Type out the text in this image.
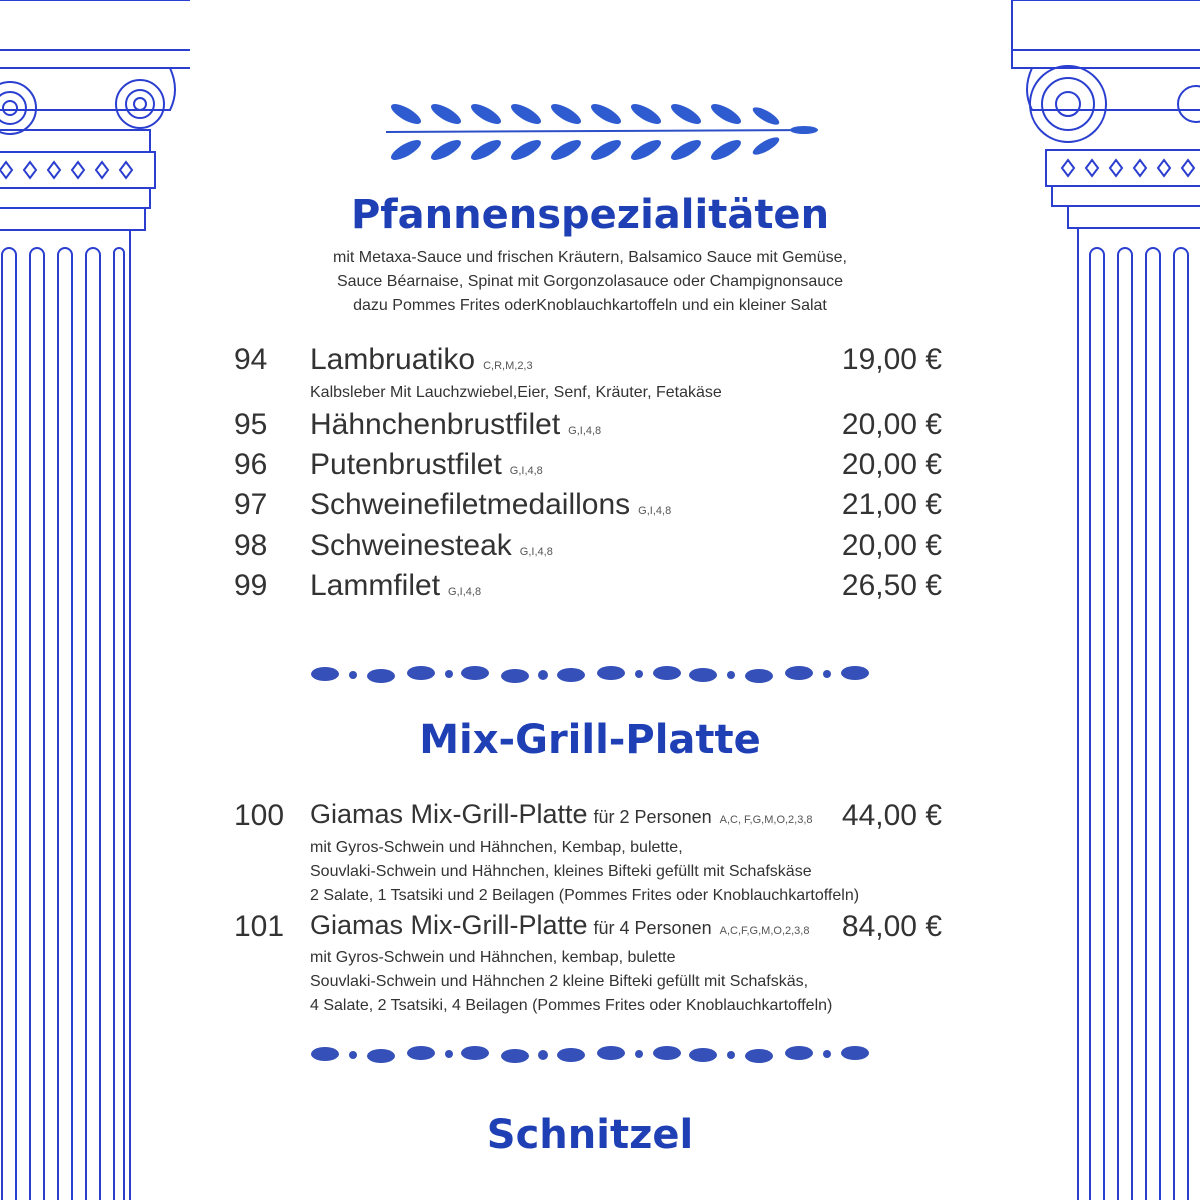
Pfannenspezialitäten
mit Metaxa-Sauce und frischen Kräutern, Balsamico Sauce mit Gemüse,
Sauce Béarnaise, Spinat mit Gorgonzolasauce oder Champignonsauce
dazu Pommes Frites oderKnoblauchkartoffeln und ein kleiner Salat
94 Lambruatiko C,R,M,2,3	19,00 €
Kalbsleber Mit Lauchzwiebel,Eier, Senf, Kräuter, Fetakäse
95 Hähnchenbrustfilet G,I,4,8	20,00 €
96 Putenbrustfilet G,I,4,8	20,00 €
97 Schweinefiletmedaillons G,I,4,8	21,00 €
98 Schweinesteak G,I,4,8	20,00 €
99 Lammfilet G,I,4,8	26,50 €
Mix-Grill-Platte
100 Giamas Mix-Grill-Platte für 2 Personen A,C, F,G,M,O,2,3,8 44,00 €
mit Gyros-Schwein und Hähnchen, Kembap, bulette,
Souvlaki-Schwein und Hähnchen, kleines Bifteki gefüllt mit Schafskäse
2 Salate, 1 Tsatsiki und 2 Beilagen (Pommes Frites oder Knoblauchkartoffeln)
101 Giamas Mix-Grill-Platte für 4 Personen A,C,F,G,M,O,2,3,8	84,00 €
mit Gyros-Schwein und Hähnchen, kembap, bulette
Souvlaki-Schwein und Hähnchen 2 kleine Bifteki gefüllt mit Schafskäs,
4 Salate, 2 Tsatsiki, 4 Beilagen (Pommes Frites oder Knoblauchkartoffeln)
Schnitzel
